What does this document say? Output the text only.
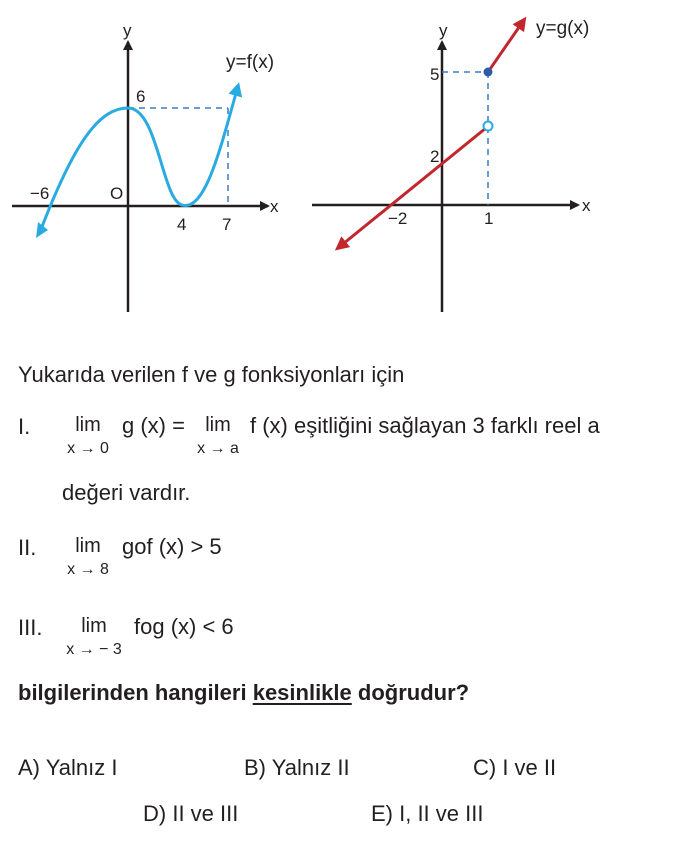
y
x
O
−6
4 7
6
y=f(x)
y
x
−2	1
5
2
y=g(x)
Yukarıda verilen f ve g fonksiyonları için
I.	lim
x → 0
g (x) =	lim
x → a
f (x) eşitliğini sağlayan 3 farklı reel a
değeri vardır.
II.	lim
x → 8
gof (x) > 5
III.	lim
x → − 3
fog (x) < 6
bilgilerinden hangileri kesinlikle doğrudur?
A) Yalnız I	B) Yalnız II	C) I ve II
D) II ve III	E) I, II ve III
